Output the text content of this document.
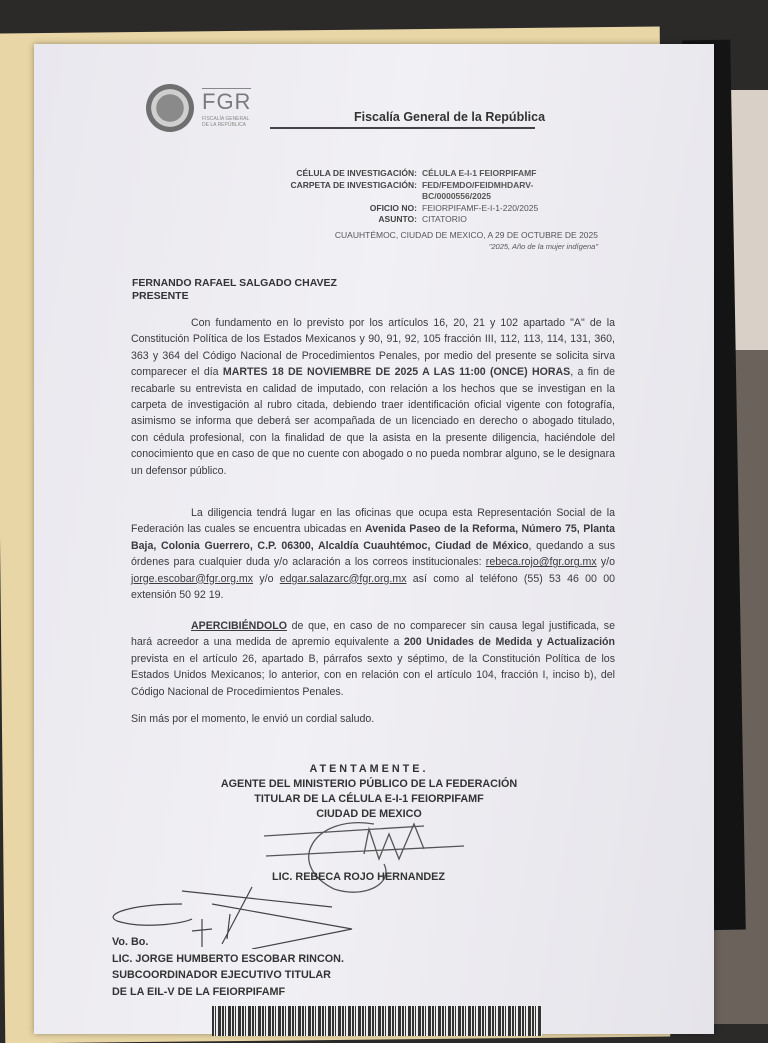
FGR
FISCALÍA GENERAL DE LA REPÚBLICA
Fiscalía General de la República
CÉLULA DE INVESTIGACIÓN: CÉLULA E-I-1 FEIORPIFAMF
CARPETA DE INVESTIGACIÓN: FED/FEMDO/FEIDMHDARV-
BC/0000556/2025
OFICIO NO: FEIORPIFAMF-E-I-1-220/2025
ASUNTO: CITATORIO
CUAUHTÉMOC, CIUDAD DE MEXICO, A 29 DE OCTUBRE DE 2025
"2025, Año de la mujer indígena"
FERNANDO RAFAEL SALGADO CHAVEZ
PRESENTE

Con fundamento en lo previsto por los artículos 16, 20, 21 y 102 apartado "A" de la Constitución Política de los Estados Mexicanos y 90, 91, 92, 105 fracción III, 112, 113, 114, 131, 360, 363 y 364 del Código Nacional de Procedimientos Penales, por medio del presente se solicita sirva comparecer el día MARTES 18 DE NOVIEMBRE DE 2025 A LAS 11:00 (ONCE) HORAS, a fin de recabarle su entrevista en calidad de imputado, con relación a los hechos que se investigan en la carpeta de investigación al rubro citada, debiendo traer identificación oficial vigente con fotografía, asimismo se informa que deberá ser acompañada de un licenciado en derecho o abogado titulado, con cédula profesional, con la finalidad de que la asista en la presente diligencia, haciéndole del conocimiento que en caso de que no cuente con abogado o no pueda nombrar alguno, se le designara un defensor público.

La diligencia tendrá lugar en las oficinas que ocupa esta Representación Social de la Federación las cuales se encuentra ubicadas en Avenida Paseo de la Reforma, Número 75, Planta Baja, Colonia Guerrero, C.P. 06300, Alcaldía Cuauhtémoc, Ciudad de México, quedando a sus órdenes para cualquier duda y/o aclaración a los correos institucionales: rebeca.rojo@fgr.org.mx y/o jorge.escobar@fgr.org.mx y/o edgar.salazarc@fgr.org.mx así como al teléfono (55) 53 46 00 00 extensión 50 92 19.

APERCIBIÉNDOLO de que, en caso de no comparecer sin causa legal justificada, se hará acreedor a una medida de apremio equivalente a 200 Unidades de Medida y Actualización prevista en el artículo 26, apartado B, párrafos sexto y séptimo, de la Constitución Política de los Estados Unidos Mexicanos; lo anterior, con en relación con el artículo 104, fracción I, inciso b), del Código Nacional de Procedimientos Penales.

Sin más por el momento, le envió un cordial saludo.
ATENTAMENTE.
AGENTE DEL MINISTERIO PÚBLICO DE LA FEDERACIÓN
TITULAR DE LA CÉLULA E-I-1 FEIORPIFAMF
CIUDAD DE MEXICO
LIC. REBECA ROJO HERNANDEZ
Vo. Bo.
LIC. JORGE HUMBERTO ESCOBAR RINCON.
SUBCOORDINADOR EJECUTIVO TITULAR
DE LA EIL-V DE LA FEIORPIFAMF
